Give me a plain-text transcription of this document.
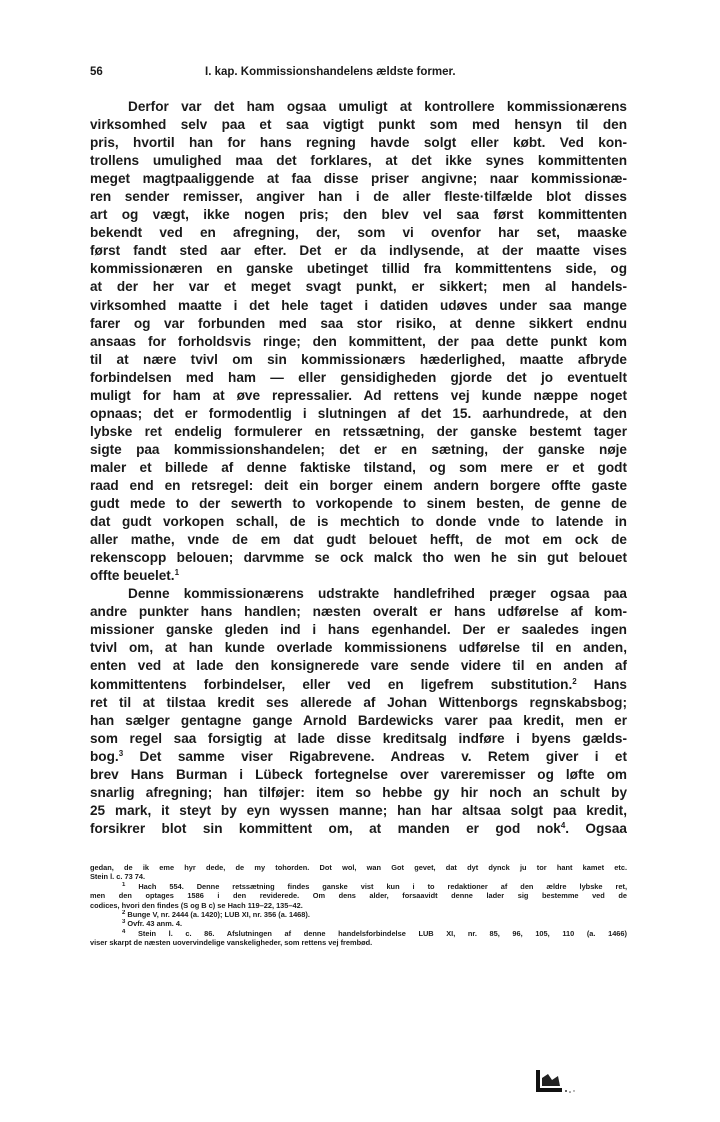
56	I. kap. Kommissionshandelens ældste former.
Derfor var det ham ogsaa umuligt at kontrollere kommissionærens
virksomhed selv paa et saa vigtigt punkt som med hensyn til den
pris, hvortil han for hans regning havde solgt eller købt. Ved kon-
trollens umulighed maa det forklares, at det ikke synes kommittenten
meget magtpaaliggende at faa disse priser angivne; naar kommissionæ-
ren sender remisser, angiver han i de aller fleste·tilfælde blot disses
art og vægt, ikke nogen pris; den blev vel saa først kommittenten
bekendt ved en afregning, der, som vi ovenfor har set, maaske
først fandt sted aar efter. Det er da indlysende, at der maatte vises
kommissionæren en ganske ubetinget tillid fra kommittentens side, og
at der her var et meget svagt punkt, er sikkert; men al handels-
virksomhed maatte i det hele taget i datiden udøves under saa mange
farer og var forbunden med saa stor risiko, at denne sikkert endnu
ansaas for forholdsvis ringe; den kommittent, der paa dette punkt kom
til at nære tvivl om sin kommissionærs hæderlighed, maatte afbryde
forbindelsen med ham — eller gensidigheden gjorde det jo eventuelt
muligt for ham at øve repressalier. Ad rettens vej kunde næppe noget
opnaas; det er formodentlig i slutningen af det 15. aarhundrede, at den
lybske ret endelig formulerer en retssætning, der ganske bestemt tager
sigte paa kommissionshandelen; det er en sætning, der ganske nøje
maler et billede af denne faktiske tilstand, og som mere er et godt
raad end en retsregel: deit ein borger einem andern borgere offte gaste
gudt mede to der sewerth to vorkopende to sinem besten, de genne de
dat gudt vorkopen schall, de is mechtich to donde vnde to latende in
aller mathe, vnde de em dat gudt belouet hefft, de mot em ock de
rekenscopp belouen; darvmme se ock malck tho wen he sin gut belouet
offte beuelet.$^1$
Denne kommissionærens udstrakte handlefrihed præger ogsaa paa
andre punkter hans handlen; næsten overalt er hans udførelse af kom-
missioner ganske gleden ind i hans egenhandel. Der er saaledes ingen
tvivl om, at han kunde overlade kommissionens udførelse til en anden,
enten ved at lade den konsignerede vare sende videre til en anden af
kommittentens forbindelser, eller ved en ligefrem substitution.$^2$ Hans
ret til at tilstaa kredit ses allerede af Johan Wittenborgs regnskabsbog;
han sælger gentagne gange Arnold Bardewicks varer paa kredit, men er
som regel saa forsigtig at lade disse kreditsalg indføre i byens gælds-
bog.$^3$ Det samme viser Rigabrevene. Andreas v. Retem giver i et
brev Hans Burman i Lübeck fortegnelse over vareremisser og løfte om
snarlig afregning; han tilføjer: item so hebbe gy hir noch an schult by
25 mark, it steyt by eyn wyssen manne; han har altsaa solgt paa kredit,
forsikrer blot sin kommittent om, at manden er god nok$^4$. Ogsaa
gedan, de ik eme hyr dede, de my tohorden. Dot wol, wan Got gevet, dat dyt dynck ju tor hant kamet etc.
Stein l. c. 73 74.
$^1$ Hach 554. Denne retssætning findes ganske vist kun i to redaktioner af den ældre lybske ret,
men den optages 1586 i den reviderede. Om dens alder, forsaavidt denne lader sig bestemme ved de
codices, hvori den findes (S og B c) se Hach 119–22, 135–42.
$^2$ Bunge V, nr. 2444 (a. 1420); LUB XI, nr. 356 (a. 1468).
$^3$ Ovfr. 43 anm. 4.
$^4$ Stein l. c. 86. Afslutningen af denne handelsforbindelse LUB XI, nr. 85, 96, 105, 110 (a. 1466)
viser skarpt de næsten uovervindelige vanskeligheder, som rettens vej frembød.
